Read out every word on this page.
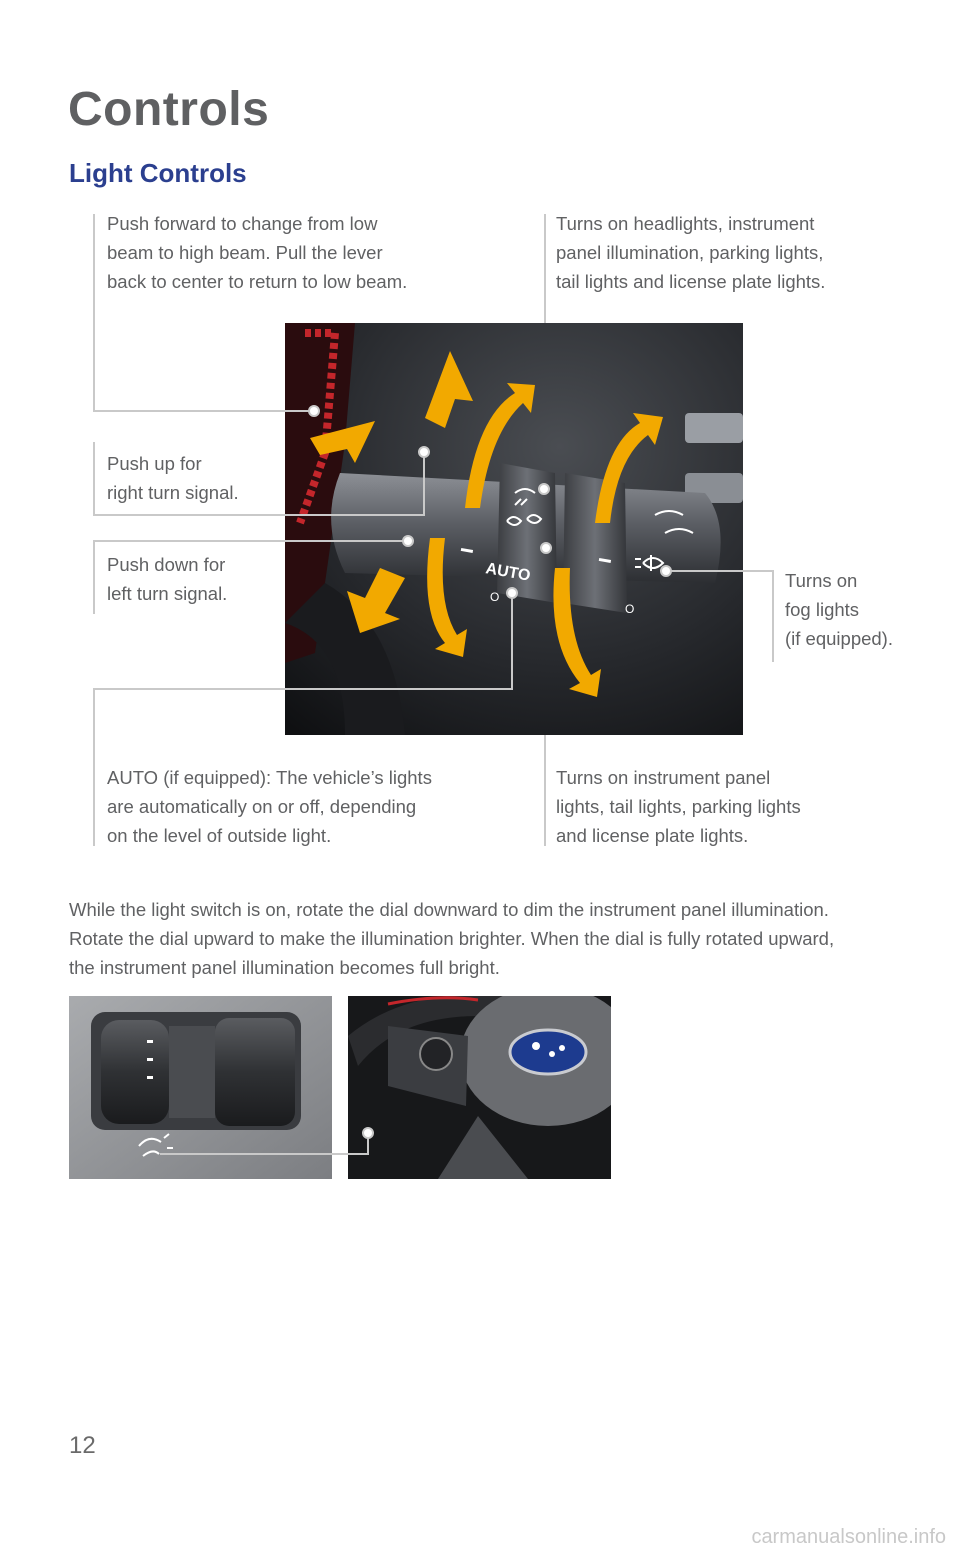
Controls
Light Controls
Push forward to change from low
beam to high beam. Pull the lever
back to center to return to low beam.
Turns on headlights, instrument
panel illumination, parking lights,
tail lights and license plate lights.
Push up for
right turn signal.
Push down for
left turn signal.
Turns on
fog lights
(if equipped).
AUTO (if equipped): The vehicle’s lights
are automatically on or off, depending
on the level of outside light.
Turns on instrument panel
lights, tail lights, parking lights
and license plate lights.
AUTO
O
O
While the light switch is on, rotate the dial downward to dim the instrument panel illumination.
Rotate the dial upward to make the illumination brighter. When the dial is fully rotated upward,
the instrument panel illumination becomes full bright.
12
carmanualsonline.info
